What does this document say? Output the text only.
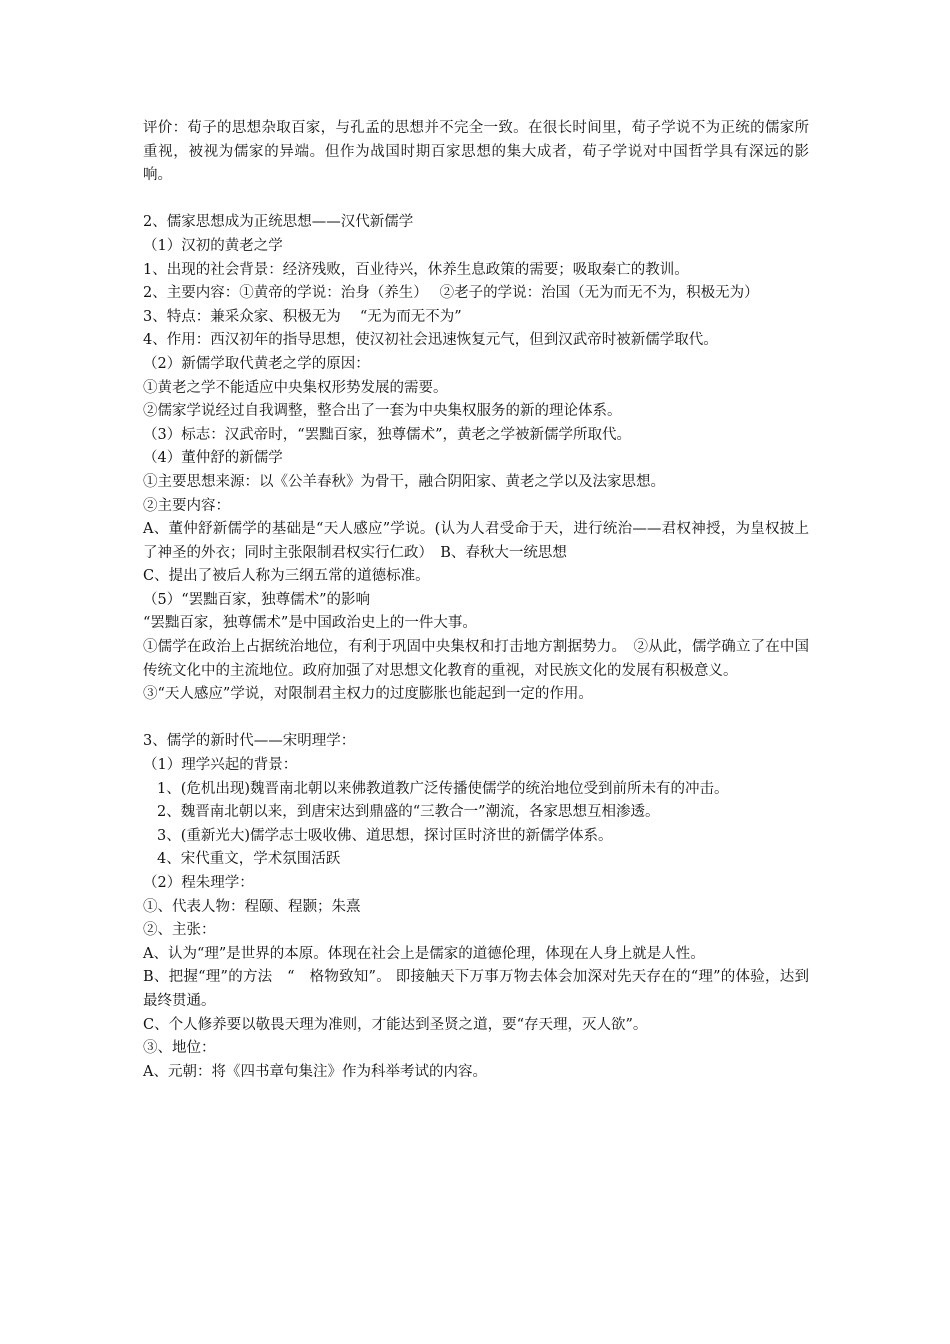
评价：荀子的思想杂取百家，与孔孟的思想并不完全一致。在很长时间里，荀子学说不为正统的儒家所重视，被视为儒家的异端。但作为战国时期百家思想的集大成者，荀子学说对中国哲学具有深远的影响。

2、儒家思想成为正统思想——汉代新儒学

（1）汉初的黄老之学

1、出现的社会背景：经济残败，百业待兴，休养生息政策的需要；吸取秦亡的教训。

2、主要内容：①黄帝的学说：治身（养生）　 ②老子的学说：治国（无为而无不为，积极无为）

3、特点：兼采众家、积极无为　 “无为而无不为”

4、作用：西汉初年的指导思想，使汉初社会迅速恢复元气，但到汉武帝时被新儒学取代。

（2）新儒学取代黄老之学的原因：

①黄老之学不能适应中央集权形势发展的需要。

②儒家学说经过自我调整，整合出了一套为中央集权服务的新的理论体系。

（3）标志：汉武帝时，“罢黜百家，独尊儒术”，黄老之学被新儒学所取代。

（4）董仲舒的新儒学

①主要思想来源：以《公羊春秋》为骨干，融合阴阳家、黄老之学以及法家思想。

②主要内容：

A、董仲舒新儒学的基础是“天人感应”学说。(认为人君受命于天，进行统治——君权神授，为皇权披上了神圣的外衣；同时主张限制君权实行仁政）　B、春秋大一统思想

C、提出了被后人称为三纲五常的道德标准。

（5）“罢黜百家，独尊儒术”的影响

“罢黜百家，独尊儒术”是中国政治史上的一件大事。

①儒学在政治上占据统治地位，有利于巩固中央集权和打击地方割据势力。　②从此，儒学确立了在中国传统文化中的主流地位。政府加强了对思想文化教育的重视，对民族文化的发展有积极意义。

③“天人感应”学说，对限制君主权力的过度膨胀也能起到一定的作用。

3、儒学的新时代——宋明理学：

（1）理学兴起的背景：

1、(危机出现)魏晋南北朝以来佛教道教广泛传播使儒学的统治地位受到前所未有的冲击。

2、魏晋南北朝以来，到唐宋达到鼎盛的“三教合一”潮流，各家思想互相渗透。

3、(重新光大)儒学志士吸收佛、道思想，探讨匡时济世的新儒学体系。

4、宋代重文，学术氛围活跃

（2）程朱理学：

①、代表人物：程颐、程颢；朱熹

②、主张：

A、认为“理”是世界的本原。体现在社会上是儒家的道德伦理，体现在人身上就是人性。

B、把握“理”的方法　“　格物致知”。 即接触天下万事万物去体会加深对先天存在的“理”的体验，达到最终贯通。

C、个人修养要以敬畏天理为准则，才能达到圣贤之道，要“存天理，灭人欲”。

③、地位：

A、元朝：将《四书章句集注》作为科举考试的内容。
